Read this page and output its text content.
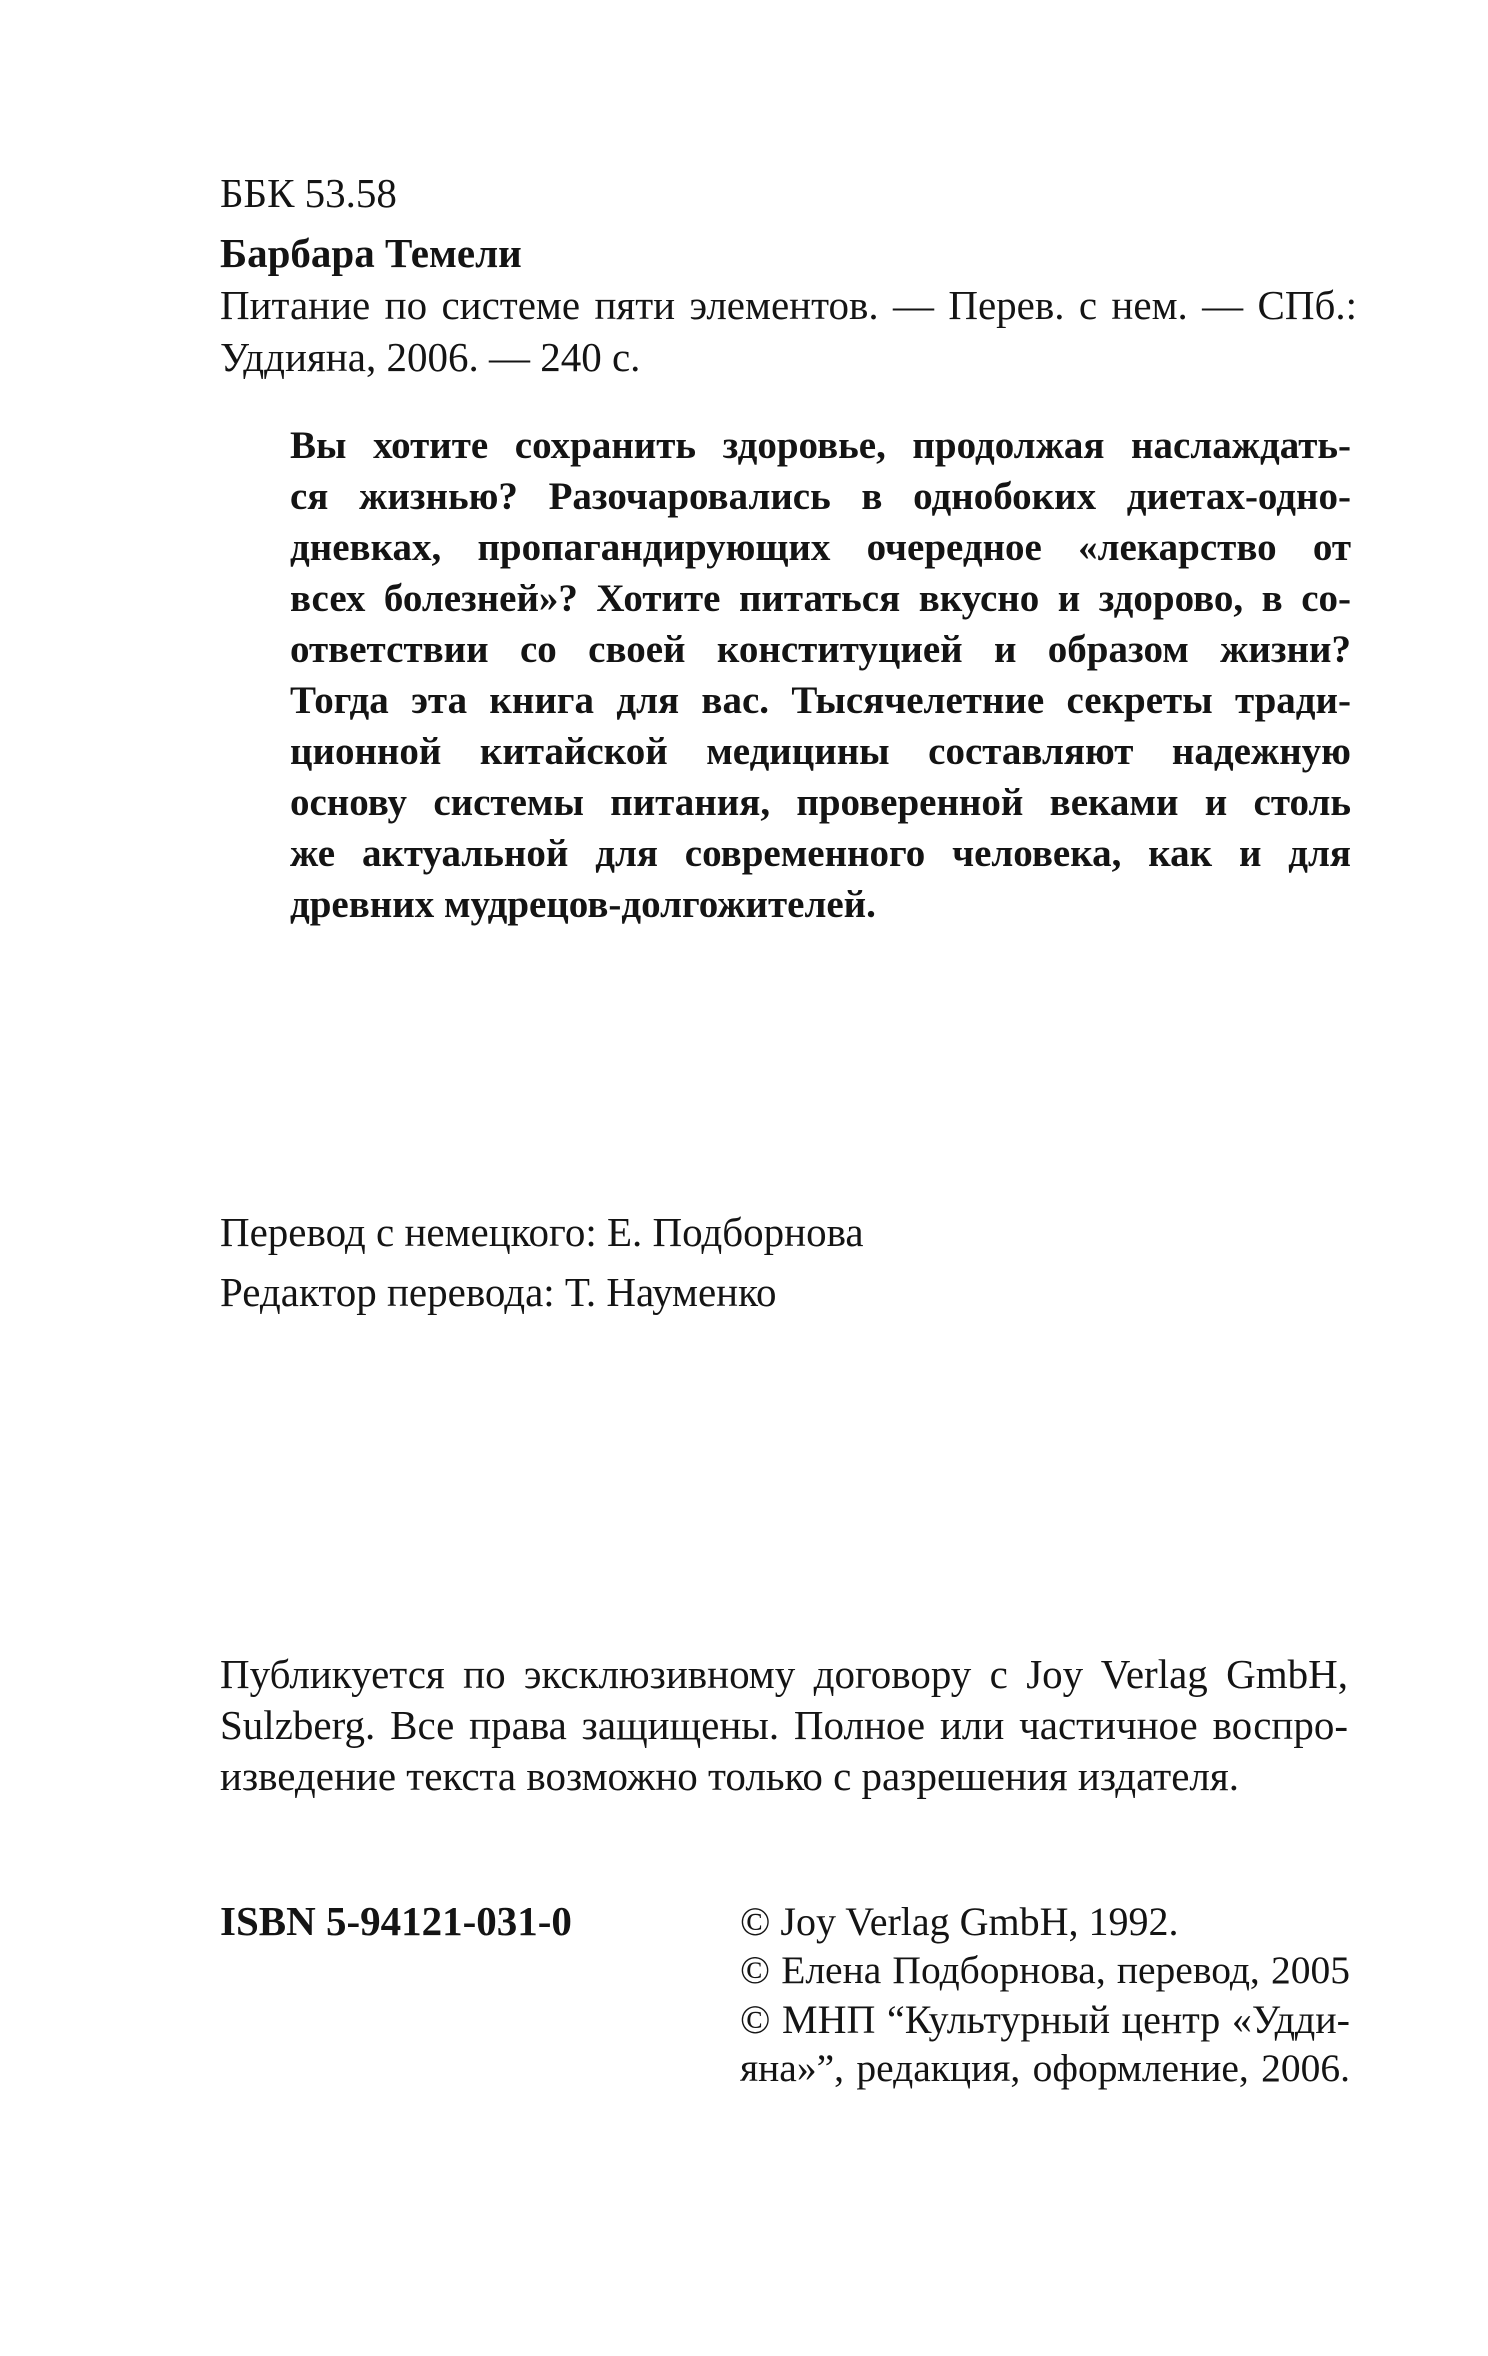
ББК 53.58
Барбара Темели
Питание по системе пяти элементов. — Перев. с нем. — СПб.:
Уддияна, 2006. — 240 с.
Вы хотите сохранить здоровье, продолжая наслаждать-
ся жизнью? Разочаровались в однобоких диетах-одно-
дневках, пропагандирующих очередное «лекарство от
всех болезней»? Хотите питаться вкусно и здорово, в со-
ответствии со своей конституцией и образом жизни?
Тогда эта книга для вас. Тысячелетние секреты тради-
ционной китайской медицины составляют надежную
основу системы питания, проверенной веками и столь
же актуальной для современного человека, как и для
древних мудрецов-долгожителей.
Перевод с немецкого: Е. Подборнова
Редактор перевода: Т. Науменко
Публикуется по эксклюзивному договору с Joy Verlag GmbH,
Sulzberg. Все права защищены. Полное или частичное воспро-
изведение текста возможно только с разрешения издателя.
ISBN 5-94121-031-0	© Joy Verlag GmbH, 1992.
© Елена Подборнова, перевод, 2005
© МНП “Культурный центр «Удди-
яна»”, редакция, оформление, 2006.
